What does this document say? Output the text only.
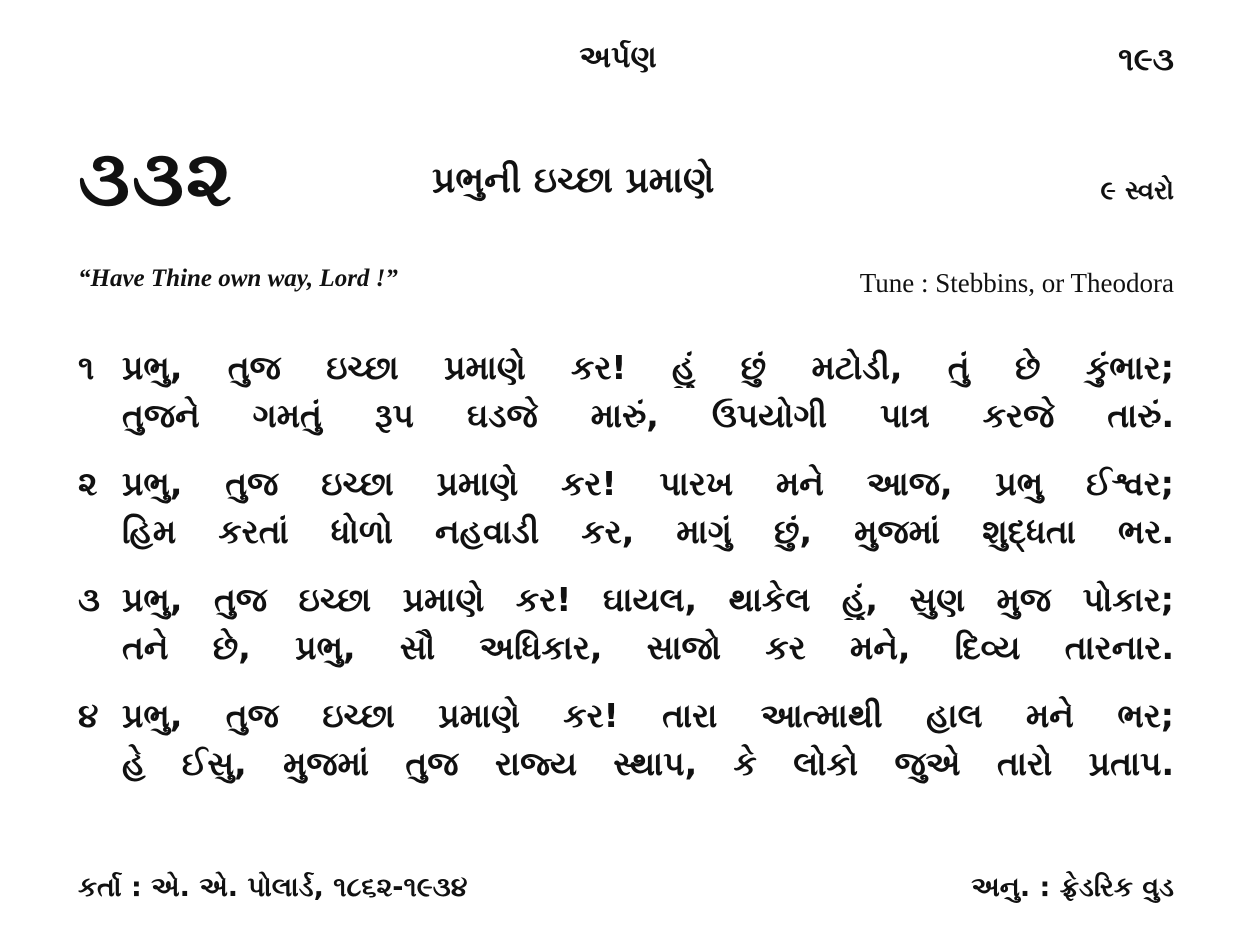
અર્પણ	૧૯૩
૩૩૨	પ્રભુની ઇચ્છા પ્રમાણે	૯ સ્વરો
“Have Thine own way, Lord !”	Tune : Stebbins, or Theodora
૧ પ્રભુ, તુજ ઇચ્છા પ્રમાણે કર! હું છું મટોડી, તું છે કુંભાર;
તુજને ગમતું રૂપ ઘડજે મારું, ઉપયોગી પાત્ર કરજે તારું.
૨ પ્રભુ, તુજ ઇચ્છા પ્રમાણે કર! પારખ મને આજ, પ્રભુ ઈશ્વર;
હિમ કરતાં ધોળો નહવાડી કર, માગું છું, મુજમાં શુદ્ધતા ભર.
૩ પ્રભુ, તુજ ઇચ્છા પ્રમાણે કર! ઘાયલ, થાકેલ હું, સુણ મુજ પોકાર;
તને છે, પ્રભુ, સૌ અધિકાર, સાજો કર મને, દિવ્ય તારનાર.
૪ પ્રભુ, તુજ ઇચ્છા પ્રમાણે કર! તારા આત્માથી હાલ મને ભર;
હે ઈસુ, મુજમાં તુજ રાજ્ય સ્થાપ, કે લોકો જુએ તારો પ્રતાપ.
કર્તા : એ. એ. પોલાર્ડ, ૧૮૬૨-૧૯૩૪	અનુ. : ફ્રેડરિક વુડ
